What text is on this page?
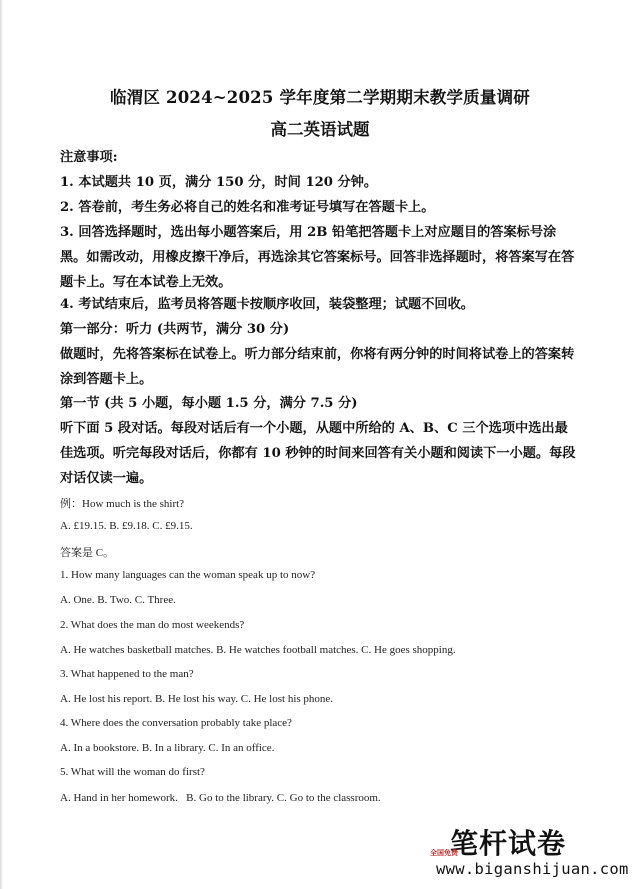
临渭区 2024~2025 学年度第二学期期末教学质量调研
高二英语试题
注意事项:
1. 本试题共 10 页，满分 150 分，时间 120 分钟。
2. 答卷前，考生务必将自己的姓名和准考证号填写在答题卡上。
3. 回答选择题时，选出每小题答案后，用 2B 铅笔把答题卡上对应题目的答案标号涂黑。如需改动，用橡皮擦干净后，再选涂其它答案标号。回答非选择题时，将答案写在答题卡上。写在本试卷上无效。
4. 考试结束后，监考员将答题卡按顺序收回，装袋整理；试题不回收。
第一部分：听力 (共两节，满分 30 分)
做题时，先将答案标在试卷上。听力部分结束前，你将有两分钟的时间将试卷上的答案转涂到答题卡上。
第一节 (共 5 小题，每小题 1.5 分，满分 7.5 分)
听下面 5 段对话。每段对话后有一个小题，从题中所给的 A、B、C 三个选项中选出最佳选项。听完每段对话后，你都有 10 秒钟的时间来回答有关小题和阅读下一小题。每段对话仅读一遍。
例：How much is the shirt?
A. £19.15. B. £9.18. C. £9.15.
答案是 C。
1. How many languages can the woman speak up to now?
A. One. B. Two. C. Three.
2. What does the man do most weekends?
A. He watches basketball matches. B. He watches football matches. C. He goes shopping.
3. What happened to the man?
A. He lost his report. B. He lost his way. C. He lost his phone.
4. Where does the conversation probably take place?
A. In a bookstore. B. In a library. C. In an office.
5. What will the woman do first?
A. Hand in her homework.   B. Go to the library. C. Go to the classroom.
笔杆试卷
全国免费
www.biganshijuan.com
